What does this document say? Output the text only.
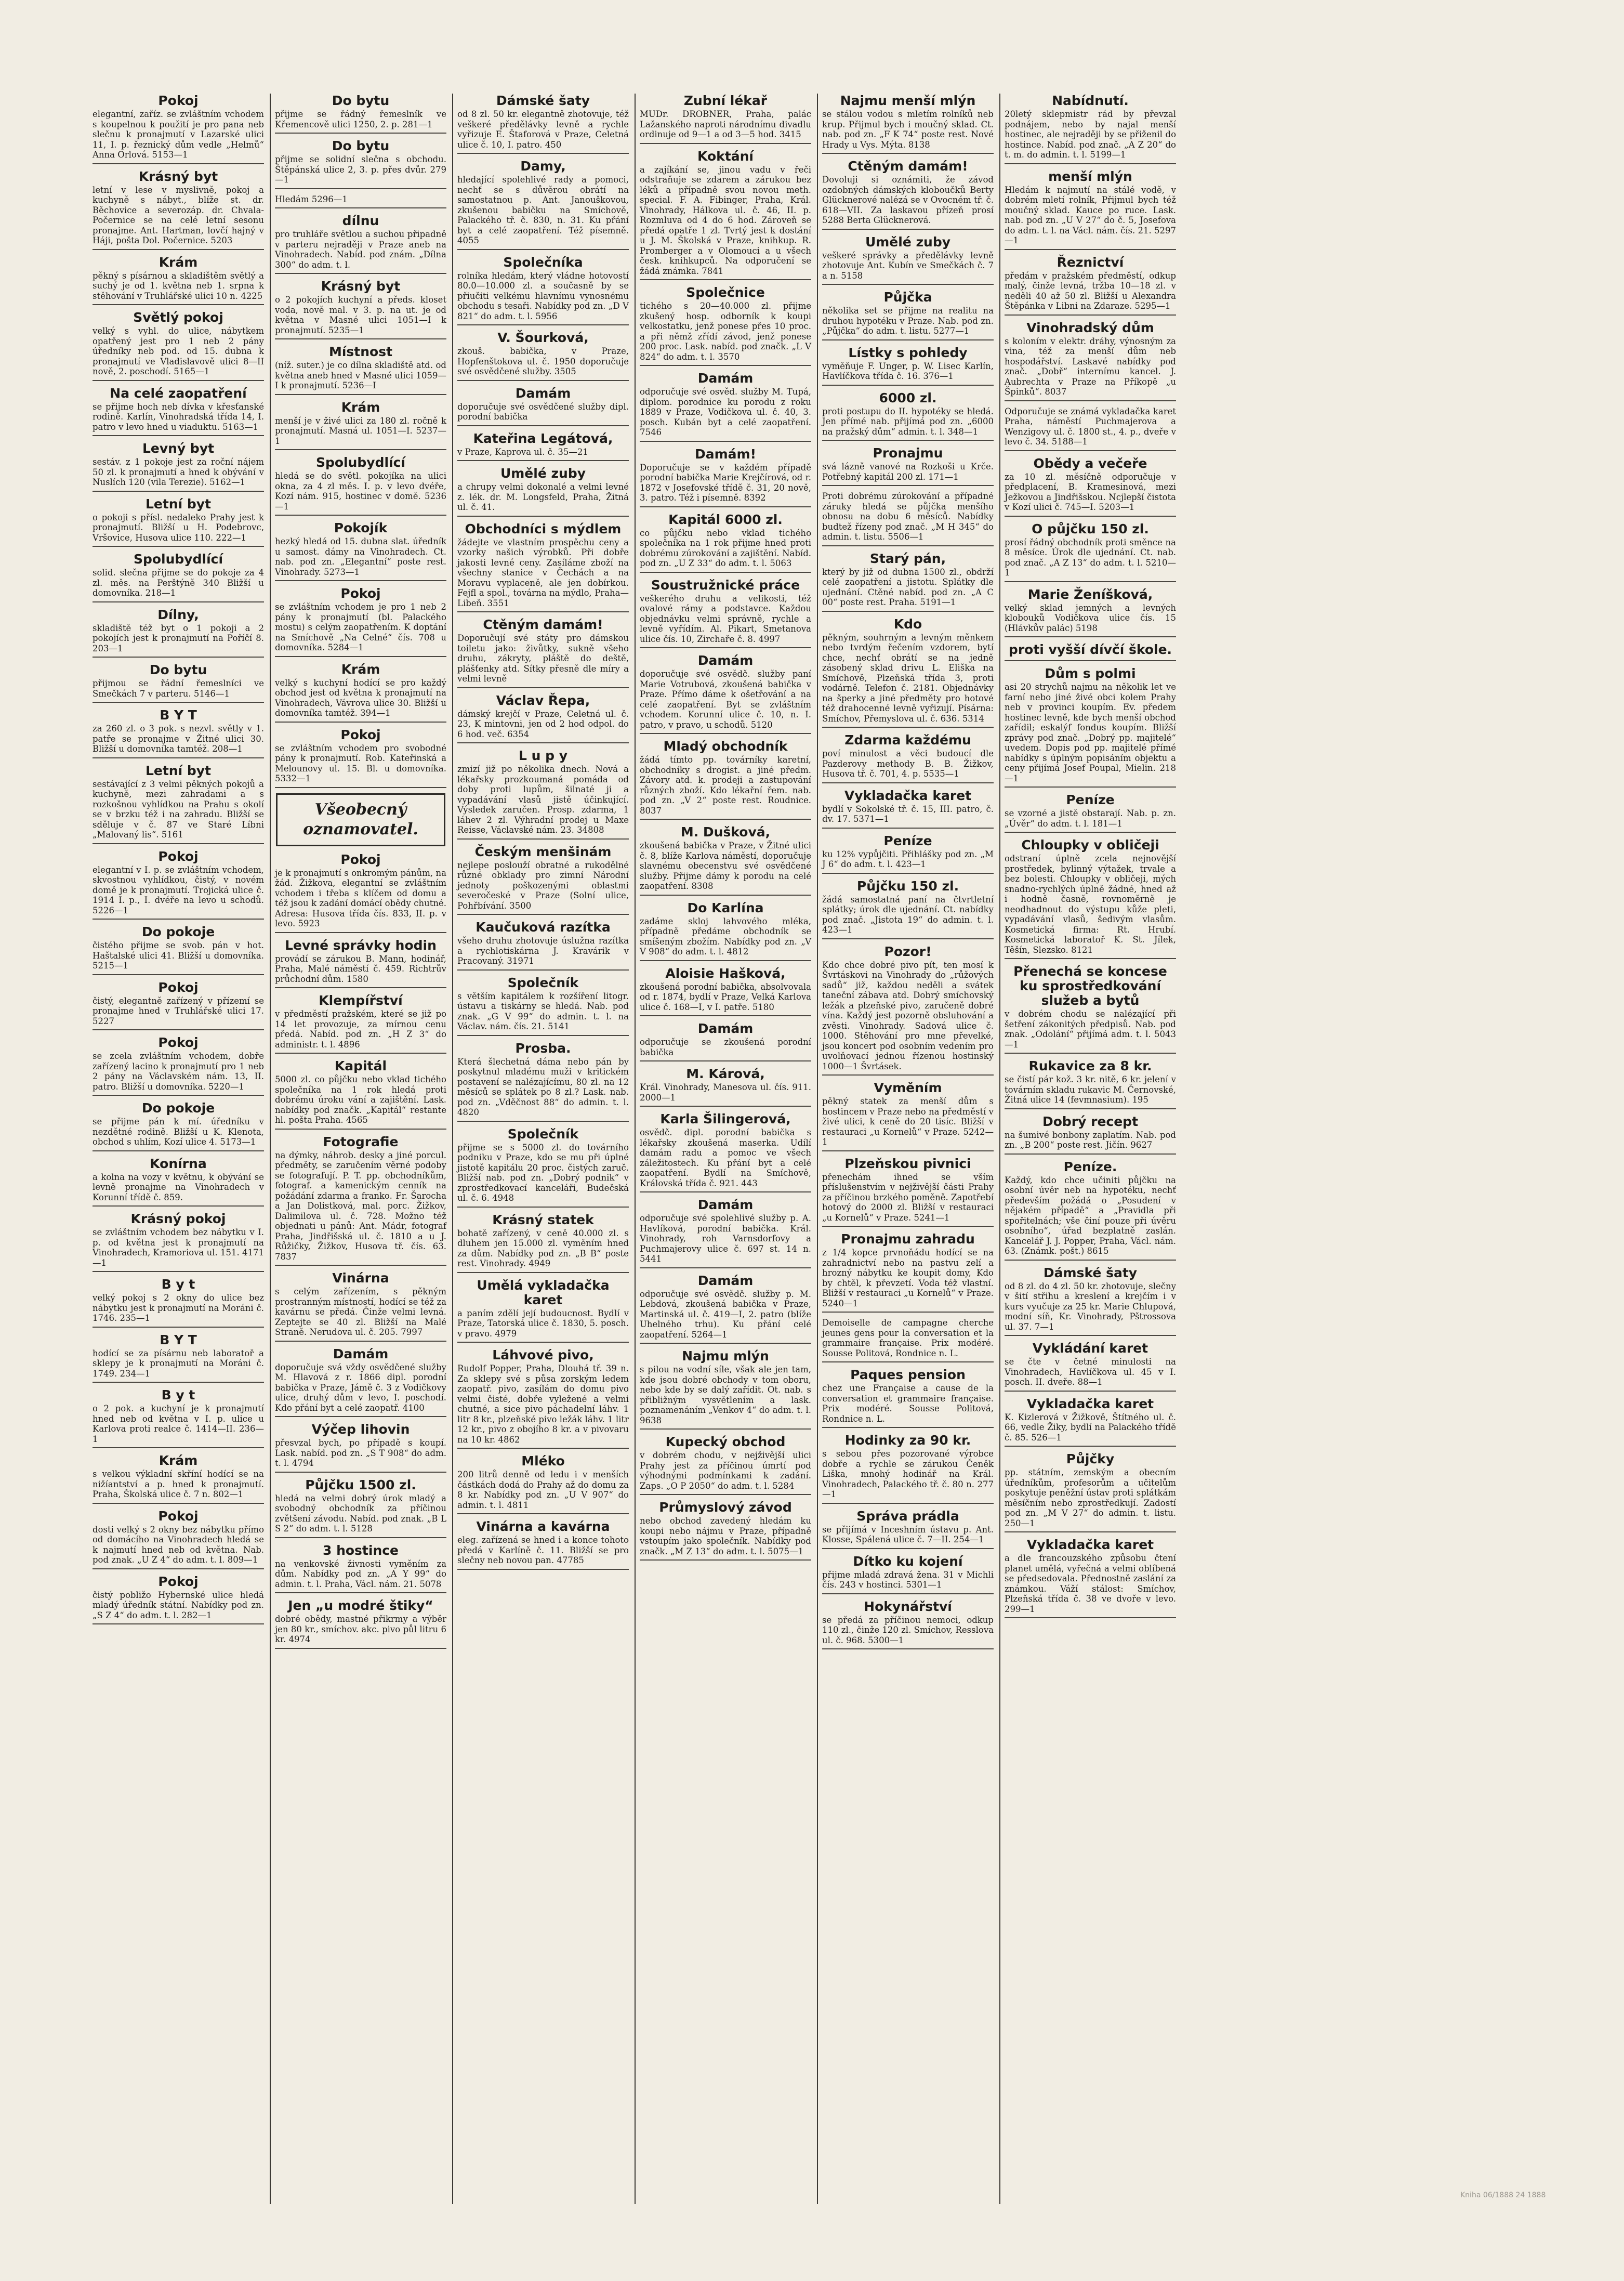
Pokoj
elegantní, zaříz. se zvláštním vchodem s koupelnou k použití je pro pana neb slečnu k pronajmutí v Lazarské ulici 11, I. p. řeznický dům vedle „Helmů“ Anna Orlová. 5153—1
Krásný byt
letní v lese v myslivně, pokoj a kuchyně s nábyt., blíže st. dr. Běchovice a severozáp. dr. Chvala-Počernice se na celé letní sesonu pronajme. Ant. Hartman, lovčí hajný v Háji, pošta Dol. Počernice. 5203
Krám
pěkný s písárnou a skladištěm světlý a suchý je od 1. května neb 1. srpna k stěhování v Truhlářské ulici 10 n. 4225
Světlý pokoj
velký s vyhl. do ulice, nábytkem opatřený jest pro 1 neb 2 pány úředníky neb pod. od 15. dubna k pronajmutí ve Vladislavově ulici 8—II nově, 2. poschodí. 5165—1
Na celé zaopatření
se přijme hoch neb dívka v křesťanské rodině. Karlín, Vinohradská třída 14, I. patro v levo hned u viaduktu. 5163—1
Levný byt
sestáv. z 1 pokoje jest za roční nájem 50 zl. k pronajmutí a hned k obývání v Nuslích 120 (vila Terezie). 5162—1
Letní byt
o pokoji s přísl. nedaleko Prahy jest k pronajmutí. Bližší u H. Podebrovc, Vršovice, Husova ulice 110. 222—1
Spolubydlící
solid. slečna přijme se do pokoje za 4 zl. měs. na Perštýně 340 Bližší u domovníka. 218—1
Dílny,
skladiště též byt o 1 pokoji a 2 pokojích jest k pronajmutí na Poříčí 8. 203—1
Do bytu
přijmou se řádní řemeslníci ve Smečkách 7 v parteru. 5146—1
B Y T
za 260 zl. o 3 pok. s nezvl. světly v 1. patře se pronajme v Žitné ulici 30. Bližší u domovníka tamtéž. 208—1
Letní byt
sestávající z 3 velmi pěkných pokojů a kuchyně, mezi zahradami a s rozkošnou vyhlídkou na Prahu s okolí se v brzku též i na zahradu. Bližší se sděluje v č. 87 ve Staré Líbni „Malovaný lis“. 5161
Pokoj
elegantní v I. p. se zvláštním vchodem, skvostnou vyhlídkou, čistý, v novém domě je k pronajmutí. Trojická ulice č. 1914 I. p., I. dvéře na levo u schodů. 5226—1
Do pokoje
čistého přijme se svob. pán v hot. Haštalské ulici 41. Bližší u domovníka. 5215—1
Pokoj
čistý, elegantně zařízený v přízemí se pronajme hned v Truhlářské ulici 17. 5227
Pokoj
se zcela zvláštním vchodem, dobře zařízený lacino k pronajmutí pro 1 neb 2 pány na Václavském nám. 13, II. patro. Bližší u domovníka. 5220—1
Do pokoje
se přijme pán k mí. úředníku v nezdětné rodině. Bližší u K. Klenota, obchod s uhlím, Kozí ulice 4. 5173—1
Konírna
a kolna na vozy v květnu, k obývání se levně pronajme na Vinohradech v Korunní třídě č. 859.
Krásný pokoj
se zvláštním vchodem bez nábytku v I. p. od května jest k pronajmutí na Vinohradech, Kramoriova ul. 151. 4171—1
B y t
velký pokoj s 2 okny do ulice bez nábytku jest k pronajmutí na Moráni č. 1746. 235—1
B Y T
hodící se za písárnu neb laboratoř a sklepy je k pronajmutí na Moráni č. 1749. 234—1
B y t
o 2 pok. a kuchyní je k pronajmutí hned neb od května v I. p. ulice u Karlova proti realce č. 1414—II. 236—1
Krám
s velkou výkladní skříní hodící se na nižíantství a p. hned k pronajmutí. Praha, Školská ulice č. 7 n. 802—1
Pokoj
dosti velký s 2 okny bez nábytku přímo od domácího na Vinohradech hledá se k najmutí hned neb od května. Nab. pod znak. „U Z 4“ do adm. t. l. 809—1
Pokoj
čistý pobližo Hybernské ulice hledá mladý úředník státní. Nabídky pod zn. „S Z 4“ do adm. t. l. 282—1
Do bytu
přijme se řádný řemeslník ve Křemencově ulici 1250, 2. p. 281—1
Do bytu
přijme se solidní slečna s obchodu. Štěpánská ulice 2, 3. p. přes dvůr. 279—1
Hledám 5296—1
dílnu
pro truhláře světlou a suchou připadně v parteru nejraději v Praze aneb na Vinohradech. Nabíd. pod znám. „Dílna 300“ do adm. t. l.
Krásný byt
o 2 pokojích kuchyní a předs. kloset voda, nově mal. v 3. p. na ut. je od května v Masné ulici 1051—I k pronajmutí. 5235—1
Místnost
(níž. suter.) je co dílna skladiště atd. od května aneb hned v Masné ulici 1059—I k pronajmutí. 5236—I
Krám
menší je v živé ulici za 180 zl. ročně k pronajmutí. Masná ul. 1051—I. 5237—1
Spolubydlící
hledá se do světl. pokojíka na ulici okna, za 4 zl měs. I. p. v levo dvéře, Kozí nám. 915, hostinec v domě. 5236—1
Pokojík
hezký hledá od 15. dubna slat. úředník u samost. dámy na Vinohradech. Ct. nab. pod zn. „Elegantní“ poste rest. Vinohrady. 5273—1
Pokoj
se zvláštním vchodem je pro 1 neb 2 pány k pronajmutí (bl. Palackého mostu) s celým zaopatřením. K doptání na Smíchově „Na Celné“ čís. 708 u domovníka. 5284—1
Krám
velký s kuchyní hodící se pro každý obchod jest od května k pronajmutí na Vinohradech, Vávrova ulice 30. Bližší u domovníka tamtéž. 394—1
Pokoj
se zvláštním vchodem pro svobodné pány k pronajmutí. Rob. Kateřinská a Melounovy ul. 15. Bl. u domovníka. 5332—1
Všeobecný
oznamovatel.
Pokoj
je k pronajmutí s onkromým pánům, na žád. Žižkova, elegantní se zvláštním vchodem i třeba s klíčem od domu a též jsou k zadání domácí obědy chutné. Adresa: Husova třída čís. 833, II. p. v levo. 5923
Levné správky hodin
provádí se zárukou B. Mann, hodinář, Praha, Malé náměstí č. 459. Richtrův průchodní dům. 1580
Klempířství
v předměstí pražském, které se již po 14 let provozuje, za mírnou cenu předá. Nabíd. pod zn. „H Z 3“ do administr. t. l. 4896
Kapitál
5000 zl. co půjčku nebo vklad tichého společníka na 1 rok hledá proti dobrému úroku vání a zajištění. Lask. nabídky pod značk. „Kapitál“ restante hl. pošta Praha. 4565
Fotografie
na dýmky, náhrob. desky a jiné porcul. předměty, se zaručením věrné podoby se fotografují. P. T. pp. obchodníkům, fotograf. a kamenickým cenník na požádání zdarma a franko. Fr. Šarocha a Jan Dolistková, mal. porc. Žižkov, Dalimilova ul. č. 728. Možno též objednati u pánů: Ant. Mádr, fotograf Praha, Jindřišská ul. č. 1810 a u J. Růžičky, Žižkov, Husova tř. čís. 63. 7837
Vinárna
s celým zařízením, s pěkným prostranným místností, hodící se též za kavárnu se předá. Činže velmi levná. Zeptejte se 40 zl. Bližší na Malé Straně. Nerudova ul. č. 205. 7997
Damám
doporučuje svá vždy osvědčené služby M. Hlavová z r. 1866 dipl. porodní babička v Praze, Jámě č. 3 z Vodičkovy ulice, druhý dům v levo, I. poschodí. Kdo přání byt a celé zaopatř. 4100
Výčep lihovin
přesvzal bych, po případě s koupí. Lask. nabíd. pod zn. „S T 908“ do adm. t. l. 4794
Půjčku 1500 zl.
hledá na velmi dobrý úrok mladý a svobodný obchodník za příčinou zvětšení závodu. Nabíd. pod znak. „B L S 2“ do adm. t. l. 5128
3 hostince
na venkovské živnosti vyměním za dům. Nabídky pod zn. „A Y 99“ do admin. t. l. Praha, Václ. nám. 21. 5078
Jen „u modré štiky“
dobré obědy, mastné přikrmy a výběr jen 80 kr., smíchov. akc. pivo půl litru 6 kr. 4974
Dámské šaty
od 8 zl. 50 kr. elegantně zhotovuje, též veškeré předělávky levně a rychle vyřizuje E. Štaforová v Praze, Celetná ulice č. 10, I. patro. 450
Damy,
hledající spolehlivé rady a pomoci, nechť se s důvěrou obrátí na samostatnou p. Ant. Janouškovou, zkušenou babičku na Smíchově, Palackého tř. č. 830, n. 31. Ku přání byt a celé zaopatření. Též písemně. 4055
Společníka
rolníka hledám, který vládne hotovostí 80.0—10.000 zl. a současně by se přiučiti velkému hlavnímu vynosnému obchodu s tesaři. Nabídky pod zn. „D V 821“ do adm. t. l. 5956
V. Šourková,
zkouš. babička, v Praze, Hopfenštokova ul. č. 1950 doporučuje své osvědčené služby. 3505
Damám
doporučuje své osvědčené služby dipl. porodní babička
Kateřina Legátová,
v Praze, Kaprova ul. č. 35—21
Umělé zuby
a chrupy velmi dokonalé a velmi levné z. lék. dr. M. Longsfeld, Praha, Žitná ul. č. 41.
Obchodníci s mýdlem
žádejte ve vlastním prospěchu ceny a vzorky našich výrobků. Při dobře jakosti levné ceny. Zasíláme zboží na všechny stanice v Čechách a na Moravu vyplaceně, ale jen dobírkou. Fejfl a spol., továrna na mýdlo, Praha—Libeň. 3551
Ctěným damám!
Doporučují své státy pro dámskou toiletu jako: živůtky, sukně všeho druhu, zákryty, pláště do deště, plášťenky atd. Sítky přesně dle míry a velmi levně
Václav Řepa,
dámský krejčí v Praze, Celetná ul. č. 23, K mintovni, jen od 2 hod odpol. do 6 hod. več. 6354
L u p y
zmizí již po několika dnech. Nová a lékařsky prozkoumaná pomáda od doby proti lupům, šilnaté ji a vypadávání vlasů jistě účinkující. Výsledek zaručen. Prosp. zdarma, 1 láhev 2 zl. Výhradní prodej u Maxe Reisse, Václavské nám. 23. 34808
Českým menšinám
nejlepe poslouží obratné a rukodělné různé obklady pro zimní Národní jednoty poškozenými oblastmi severočeské v Praze (Solní ulice, Pohřbívání. 3500
Kaučuková razítka
všeho druhu zhotovuje úslužna razítka a rychlotiskárna J. Kravárik v Pracovaný. 31971
Společník
s větším kapitálem k rozšíření litogr. ústavu a tiskárny se hledá. Nab. pod znak. „G V 99“ do admin. t. l. na Václav. nám. čís. 21. 5141
Prosba.
Která šlechetná dáma nebo pán by poskytnul mladému muži v kritickém postavení se nalézajícímu, 80 zl. na 12 měsíců se splátek po 8 zl.? Lask. nab. pod zn. „Vděčnost 88“ do admin. t. l. 4820
Společník
přijme se s 5000 zl. do továrního podniku v Praze, kdo se mu při úplné jistotě kapitálu 20 proc. čistých zaruč. Bližší nab. pod zn. „Dobrý podnik“ v zprostředkovací kanceláři, Budečská ul. č. 6. 4948
Krásný statek
bohatě zařízený, v ceně 40.000 zl. s dluhem jen 15.000 zl. vyměním hned za dům. Nabídky pod zn. „B B“ poste rest. Vinohrady. 4949
Umělá vykladačka karet
a paním zdělí její budoucnost. Bydlí v Praze, Tatorská ulice č. 1830, 5. posch. v pravo. 4979
Láhvové pivo,
Rudolf Popper, Praha, Dlouhá tř. 39 n. Za sklepy své s půsa zorským ledem zaopatř. pivo, zasílám do domu pivo velmi čisté, dobře vyležené a velmi chutné, a sice pivo páchadelní láhv. 1 litr 8 kr., plzeňské pivo ležák láhv. 1 litr 12 kr., pivo z obojího 8 kr. a v pivovaru na 10 kr. 4862
Mléko
200 litrů denně od ledu i v menších částkách dodá do Prahy až do domu za 8 kr. Nabídky pod zn. „U V 907“ do admin. t. l. 4811
Vinárna a kavárna
eleg. zařízená se hned i a konce tohoto předá v Karlíně č. 11. Bližší se pro slečny neb novou pan. 47785
Zubní lékař
MUDr. DROBNER, Praha, palác Lažanského naproti národnímu divadlu ordinuje od 9—1 a od 3—5 hod. 3415
Koktání
a zajíkání se, jinou vadu v řeči odstraňuje se zdarem a zárukou bez léků a případně svou novou meth. special. F. A. Fibinger, Praha, Král. Vinohrady, Hálkova ul. č. 46, II. p. Rozmluva od 4 do 6 hod. Zároveň se předá opatře 1 zl. Tvrtý jest k dostání u J. M. Školská v Praze, knihkup. R. Promberger a v Olomouci a u všech česk. knihkupců. Na odporučení se žádá známka. 7841
Společnice
tichého s 20—40.000 zl. přijme zkušený hosp. odborník k koupi velkostatku, jenž ponese přes 10 proc. a při němž zřídí závod, jenž ponese 200 proc. Lask. nabíd. pod značk. „L V 824“ do adm. t. l. 3570
Damám
odporučuje své osvěd. služby M. Tupá, diplom. porodnice ku porodu z roku 1889 v Praze, Vodičkova ul. č. 40, 3. posch. Kubán byt a celé zaopatření. 7546
Damám!
Doporučuje se v každém případě porodní babička Marie Krejčírová, od r. 1872 v Josefovské třídě č. 31, 20 nově, 3. patro. Též i písemně. 8392
Kapitál 6000 zl.
co půjčku nebo vklad tichého společníka na 1 rok přijme hned proti dobrému zúrokování a zajištění. Nabíd. pod zn. „U Z 33“ do adm. t. l. 5063
Soustružnické práce
veškerého druhu a velikosti, též ovalové rámy a podstavce. Každou objednávku velmi správně, rychle a levně vyřídím. Al. Pikart, Smetanova ulice čís. 10, Zirchaře č. 8. 4997
Damám
doporučuje své osvědč. služby paní Marie Votrubová, zkoušená babička v Praze. Přímo dáme k ošetřování a na celé zaopatření. Byt se zvláštním vchodem. Korunní ulice č. 10, n. I. patro, v pravo, u schodů. 5120
Mladý obchodník
žádá tímto pp. továrníky karetní, obchodníky s drogist. a jiné předm. Závory atd. k. prodeji a zastupování různých zboží. Kdo lékařní řem. nab. pod zn. „V 2“ poste rest. Roudnice. 8037
M. Dušková,
zkoušená babička v Praze, v Žitné ulici č. 8, blíže Karlova náměstí, doporučuje slavnému obecenstvu své osvědčené služby. Přijme dámy k porodu na celé zaopatření. 8308
Do Karlína
zadáme skloj lahvového mléka, případně předáme obchodník se smíšeným zbožím. Nabídky pod zn. „V V 908“ do adm. t. l. 4812
Aloisie Hašková,
zkoušená porodní babička, absolvovala od r. 1874, bydlí v Praze, Velká Karlova ulice č. 168—I, v I. patře. 5180
Damám
odporučuje se zkoušená porodní babička
M. Kárová,
Král. Vinohrady, Manesova ul. čís. 911. 2000—1
Karla Šilingerová,
osvědč. dipl. porodní babička s lékařsky zkoušená maserka. Udílí damám radu a pomoc ve všech záležitostech. Ku přání byt a celé zaopatření. Bydlí na Smíchově, Královská třída č. 921. 443
Damám
odporučuje své spolehlivé služby p. A. Havlíková, porodní babička. Král. Vinohrady, roh Varnsdorfovy a Puchmajerovy ulice č. 697 st. 14 n. 5441
Damám
odporučuje své osvědč. služby p. M. Lebdová, zkoušená babička v Praze, Martinská ul. č. 419—I, 2. patro (blíže Uhelného trhu). Ku přání celé zaopatření. 5264—1
Najmu mlýn
s pilou na vodní síle, však ale jen tam, kde jsou dobré obchody v tom oboru, nebo kde by se dalý zařídit. Ot. nab. s přibližným vysvětlením a lask. poznamenáním „Venkov 4“ do adm. t. l. 9638
Kupecký obchod
v dobrém chodu, v nejživější ulici Prahy jest za příčinou úmrtí pod výhodnými podmínkami k zadání. Zaps. „O P 2050“ do adm. t. l. 5284
Průmyslový závod
nebo obchod zavedený hledám ku koupi nebo nájmu v Praze, případně vstoupím jako společník. Nabídky pod značk. „M Z 13“ do adm. t. l. 5075—1
Najmu menší mlýn
se stálou vodou s mletím rolníků neb krup. Přijmul bych i moučný sklad. Ct. nab. pod zn. „F K 74“ poste rest. Nové Hrady u Vys. Mýta. 8138
Ctěným damám!
Dovoluji si oznámiti, že závod ozdobných dámských kloboučků Berty Glücknerové nalézá se v Ovocném tř. č. 618—VII. Za laskavou přízeň prosí 5288 Berta Glücknerová.
Umělé zuby
veškeré správky a předělávky levně zhotovuje Ant. Kubín ve Smečkách č. 7 a n. 5158
Půjčka
několika set se přijme na realitu na druhou hypotéku v Praze. Nab. pod zn. „Půjčka“ do adm. t. listu. 5277—1
Lístky s pohledy
vyměňuje F. Unger, p. W. Lisec Karlín, Havlíčkova třída č. 16. 376—1
6000 zl.
proti postupu do II. hypotéky se hledá. Jen přímé nab. přijímá pod zn. „6000 na pražský dům“ admin. t. l. 348—1
Pronajmu
svá lázně vanové na Rozkoši u Krče. Potřebný kapitál 200 zl. 171—1
Proti dobrému zúrokování a případné záruky hledá se půjčka menšího obnosu na dobu 6 měsíců. Nabídky budtež řízeny pod znač. „M H 345“ do admin. t. listu. 5506—1
Starý pán,
který by již od dubna 1500 zl., obdrží celé zaopatření a jistotu. Splátky dle ujednání. Ctěné nabíd. pod zn. „A C 00“ poste rest. Praha. 5191—1
Kdo
pěkným, souhrným a levným měnkem nebo tvrdým řečením vzdorem, bytí chce, nechť obrátí se na jedně zásobený sklad drivu L. Eliška na Smíchově, Plzeňská třída 3, proti vodárně. Telefon č. 2181. Objednávky na šperky a jiné předměty pro hotové též drahocenné levně vyřizují. Písárna: Smíchov, Přemyslova ul. č. 636. 5314
Zdarma každému
poví minulost a věci budoucí dle Pazderovy methody B. B. Žižkov, Husova tř. č. 701, 4. p. 5535—1
Vykladačka karet
bydlí v Sokolské tř. č. 15, III. patro, č. dv. 17. 5371—1
Peníze
ku 12% vypůjčiti. Přihlášky pod zn. „M J 6“ do adm. t. l. 423—1
Půjčku 150 zl.
žádá samostatná paní na čtvrtletní splátky; úrok dle ujednání. Ct. nabídky pod znač. „Jistota 19“ do admin. t. l. 423—1
Pozor!
Kdo chce dobré pivo pít, ten mosí k Švrtáskovi na Vinohrady do „růžových sadů“ již, každou neděli a svátek taneční zábava atd. Dobrý smíchovský ležák a plzeňské pivo, zaručeně dobré vína. Každý jest pozorně obsluhování a zvěsti. Vinohrady. Sadová ulice č. 1000. Stěhování pro mne převelké, jsou koncert pod osobním vedením pro uvolňovací jednou řízenou hostinský 1000—1 Švrtásek.
Vyměním
pěkný statek za menší dům s hostincem v Praze nebo na předměstí v živé ulici, k ceně do 20 tisíc. Bližší v restauraci „u Kornelů“ v Praze. 5242—1
Plzeňskou pivnici
přenechám ihned se vším příslušenstvím v nejživější části Prahy za příčinou brzkého poměně. Zapotřebí hotový do 2000 zl. Bližší v restauraci „u Kornelů“ v Praze. 5241—1
Pronajmu zahradu
z 1/4 kopce prvnoňádu hodící se na zahradnictví nebo na pastvu zelí a hrozný nábytku ke koupit domy, Kdo by chtěl, k převzetí. Voda též vlastní. Bližší v restauraci „u Kornelů“ v Praze. 5240—1
Demoiselle de campagne cherche jeunes gens pour la conversation et la grammaire française. Prix modéré. Sousse Politová, Rondnice n. L.
Paques pension
chez une Française a cause de la conversation et grammaire française. Prix modéré. Sousse Politová, Rondnice n. L.
Hodinky za 90 kr.
s sebou přes pozorované výrobce dobře a rychle se zárukou Čeněk Liška, mnohý hodinář na Král. Vinohradech, Palackého tř. č. 80 n. 277—1
Správa prádla
se přijímá v Inceshním ústavu p. Ant. Klosse, Spálená ulice č. 7—II. 254—1
Dítko ku kojení
přijme mladá zdravá žena. 31 v Michli čís. 243 v hostinci. 5301—1
Hokynářství
se předá za příčinou nemoci, odkup 110 zl., činže 120 zl. Smíchov, Resslova ul. č. 968. 5300—1
Nabídnutí.
20letý sklepmistr rád by převzal podnájem, nebo by najal menší hostinec, ale nejraději by se přiženil do hostince. Nabíd. pod znač. „A Z 20“ do t. m. do admin. t. l. 5199—1
menší mlýn
Hledám k najmutí na stálé vodě, v dobrém mletí rolník, Přijmul bych též moučný sklad. Kauce po ruce. Lask. nab. pod zn. „U V 27“ do č. 5, Josefova do adm. t. l. na Václ. nám. čís. 21. 5297—1
Řeznictví
předám v pražském předměstí, odkup malý, činže levná, tržba 10—18 zl. v neděli 40 až 50 zl. Bližší u Alexandra Štěpánka v Libni na Zdaraze. 5295—1
Vinohradský dům
s koloním v elektr. dráhy, výnosným za vina, též za menší dům neb hospodářství. Laskavé nabídky pod znač. „Dobř“ internímu kancel. J. Aubrechta v Praze na Příkopě „u Špinků“. 8037
Odporučuje se známá vykladačka karet Praha, náměstí Puchmajerova a Wenzigovy ul. č. 1800 st., 4. p., dveře v levo č. 34. 5188—1
Obědy a večeře
za 10 zl. měsíčně odporučuje v předplacení, B. Kramesinová, mezi Ježkovou a Jindřišskou. Ncjlepší čistota v Kozí ulici č. 745—I. 5203—1
O půjčku 150 zl.
prosí řádný obchodník proti směnce na 8 měsíce. Úrok dle ujednání. Ct. nab. pod znač. „A Z 13“ do adm. t. l. 5210—1
Marie Ženíšková,
velký sklad jemných a levných klobouků Vodičkova ulice čís. 15 (Hlávkův palác) 5198
proti vyšší dívčí škole.
Dům s polmi
asi 20 strychů najmu na několik let ve farní nebo jiné živé obci kolem Prahy neb v provinci koupím. Ev. předem hostinec levně, kde bych menší obchod zařídil; eskalýf fondus koupím. Bližší zprávy pod znač. „Dobrý pp. majitelé“ uvedem. Dopis pod pp. majitelé přímé nabídky s úplným popisáním objektu a ceny přijímá Josef Poupal, Mielin. 218—1
Peníze
se vzorné a jistě obstarají. Nab. p. zn. „Úvěr“ do adm. t. l. 181—1
Chloupky v obličeji
odstraní úplně zcela nejnovější prostředek, bylinný výtažek, trvale a bez bolesti. Chloupky v obličeji, mých snadno-rychlých úplně žádné, hned až i hodně časně, rovnoměrně je neodhadnout do výstupu kůže pleti, vypadávání vlasů, šedivým vlasům. Kosmetická firma: Rt. Hrubí. Kosmetická laboratoř K. St. Jílek, Těšín, Slezsko. 8121
Přenechá se koncese ku sprostředkování služeb a bytů
v dobrém chodu se nalézající při šetření zákonitých předpisů. Nab. pod znak. „Odolání“ přijímá adm. t. l. 5043—1
Rukavice za 8 kr.
se čistí pár kož. 3 kr. nitě, 6 kr. jelení v továrním skladu rukavic M. Černovské, Žitná ulice 14 (fevmnasium). 195
Dobrý recept
na šumivé bonbony zaplatím. Nab. pod zn. „B 200“ poste rest. Jičín. 9627
Peníze.
Každý, kdo chce učiniti půjčku na osobní úvěr neb na hypotéku, nechť především požádá o „Posudení v nějakém případě“ a „Pravidla při spořitelnách; vše činí pouze při úvěru osobního“, úřad bezplatně zaslán. Kancelář J. J. Popper, Praha, Václ. nám. 63. (Známk. pošt.) 8615
Dámské šaty
od 8 zl. do 4 zl. 50 kr. zhotovuje, slečny v šití střihu a kreslení a krejčím i v kurs vyučuje za 25 kr. Marie Chlupová, modní síň, Kr. Vinohrady, Pštrossova ul. 37. 7—1
Vykládání karet
se čte v četné minulosti na Vinohradech, Havlíčkova ul. 45 v I. posch. II. dveře. 88—1
Vykladačka karet
K. Kizlerová v Žižkově, Štítného ul. č. 66, vedle Žiky, bydlí na Palackého třídě č. 85. 526—1
Půjčky
pp. státním, zemským a obecním úředníkům, profesorům a učitelům poskytuje peněžní ústav proti splátkám měsíčním nebo zprostředkují. Zadostí pod zn. „M V 27“ do admin. t. listu. 250—1
Vykladačka karet
a dle francouzského způsobu čtení planet umělá, vyřečná a velmi oblíbená se předsedovala. Přednostně zaslání za známkou. Váží stálost: Smíchov, Plzeňská třída č. 38 ve dvoře v levo. 299—1
Kniha 06/1888 24 1888
